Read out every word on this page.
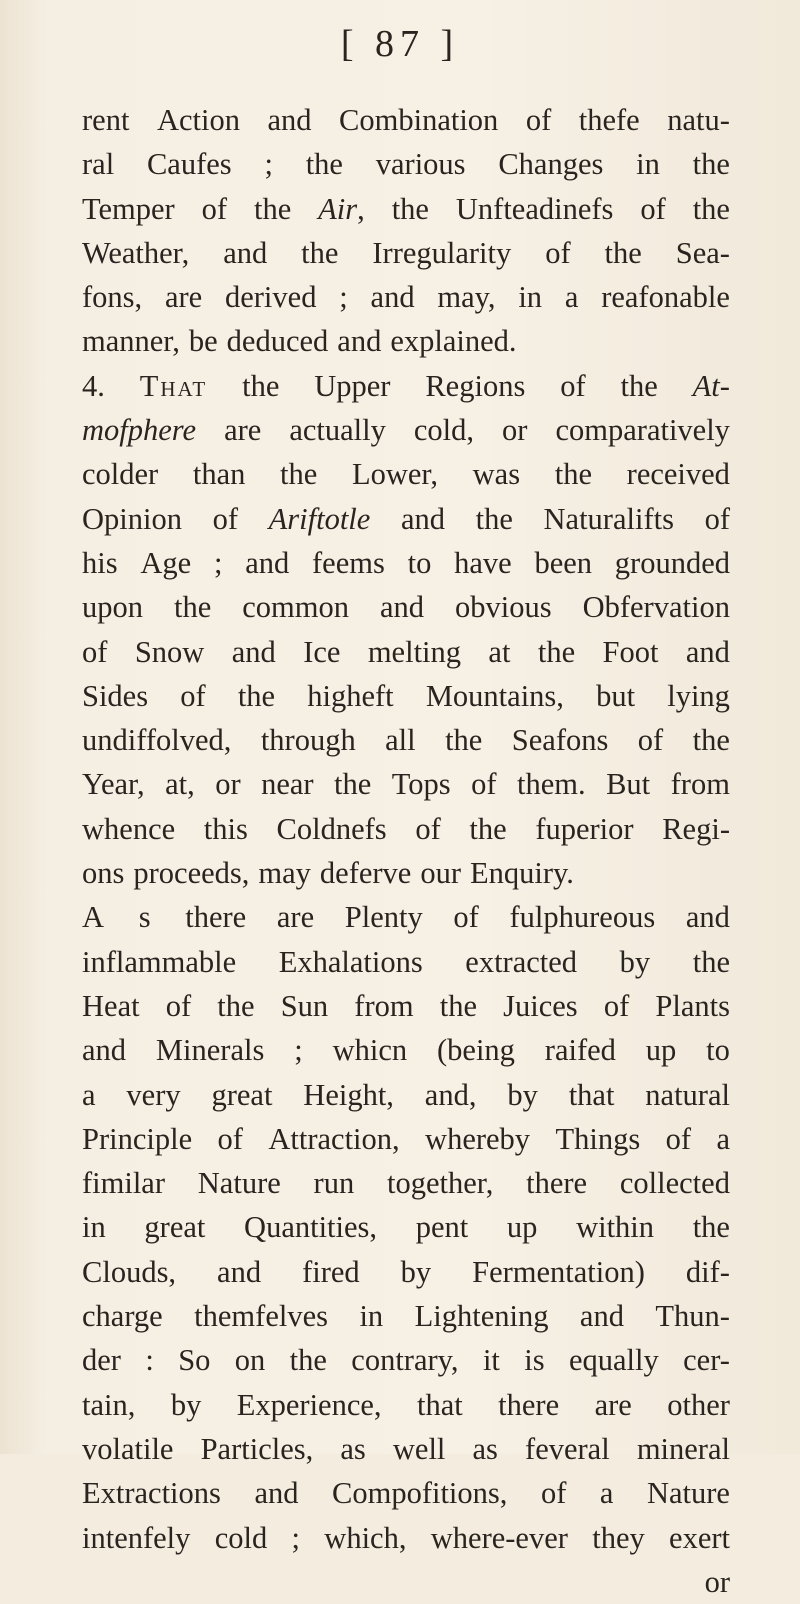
[ 87 ]
rent Action and Combination of thefe natu-
ral Caufes ; the various Changes in the
Temper of the Air, the Unfteadinefs of the
Weather, and the Irregularity of the Sea-
fons, are derived ; and may, in a reafonable
manner, be deduced and explained.
4. That the Upper Regions of the At-
mofphere are actually cold, or comparatively
colder than the Lower, was the received
Opinion of Ariftotle and the Naturalifts of
his Age ; and feems to have been grounded
upon the common and obvious Obfervation
of Snow and Ice melting at the Foot and
Sides of the higheft Mountains, but lying
undiffolved, through all the Seafons of the
Year, at, or near the Tops of them. But from
whence this Coldnefs of the fuperior Regi-
ons proceeds, may deferve our Enquiry.
A s there are Plenty of fulphureous and
inflammable Exhalations extracted by the
Heat of the Sun from the Juices of Plants
and Minerals ; whicn (being raifed up to
a very great Height, and, by that natural
Principle of Attraction, whereby Things of a
fimilar Nature run together, there collected
in great Quantities, pent up within the
Clouds, and fired by Fermentation) dif-
charge themfelves in Lightening and Thun-
der : So on the contrary, it is equally cer-
tain, by Experience, that there are other
volatile Particles, as well as feveral mineral
Extractions and Compofitions, of a Nature
intenfely cold ; which, where-ever they exert
or
